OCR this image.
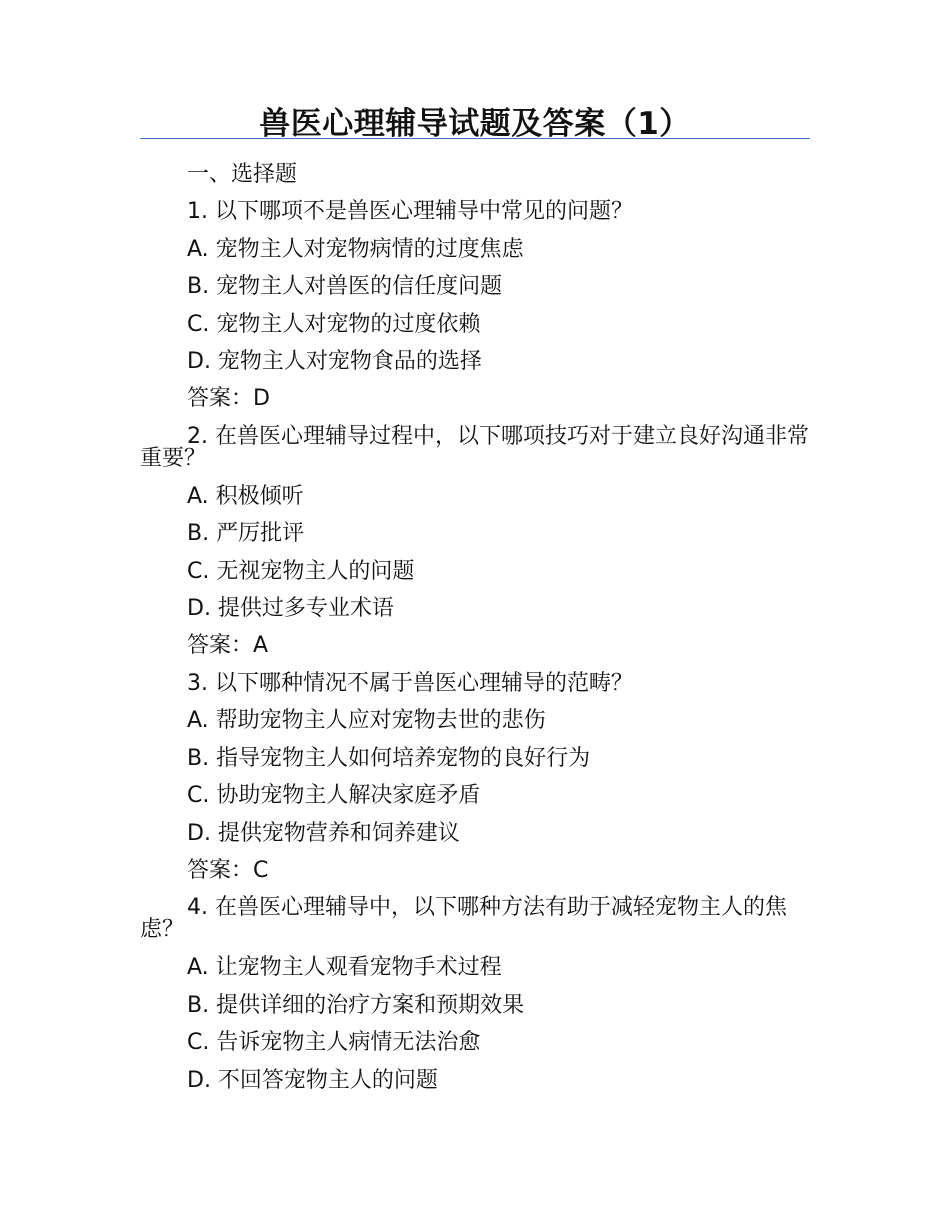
兽医心理辅导试题及答案（1）
一、选择题
1. 以下哪项不是兽医心理辅导中常见的问题？
A. 宠物主人对宠物病情的过度焦虑
B. 宠物主人对兽医的信任度问题
C. 宠物主人对宠物的过度依赖
D. 宠物主人对宠物食品的选择
答案：D
2. 在兽医心理辅导过程中，以下哪项技巧对于建立良好沟通非常重要？
A. 积极倾听
B. 严厉批评
C. 无视宠物主人的问题
D. 提供过多专业术语
答案：A
3. 以下哪种情况不属于兽医心理辅导的范畴？
A. 帮助宠物主人应对宠物去世的悲伤
B. 指导宠物主人如何培养宠物的良好行为
C. 协助宠物主人解决家庭矛盾
D. 提供宠物营养和饲养建议
答案：C
4. 在兽医心理辅导中，以下哪种方法有助于减轻宠物主人的焦虑？
A. 让宠物主人观看宠物手术过程
B. 提供详细的治疗方案和预期效果
C. 告诉宠物主人病情无法治愈
D. 不回答宠物主人的问题
